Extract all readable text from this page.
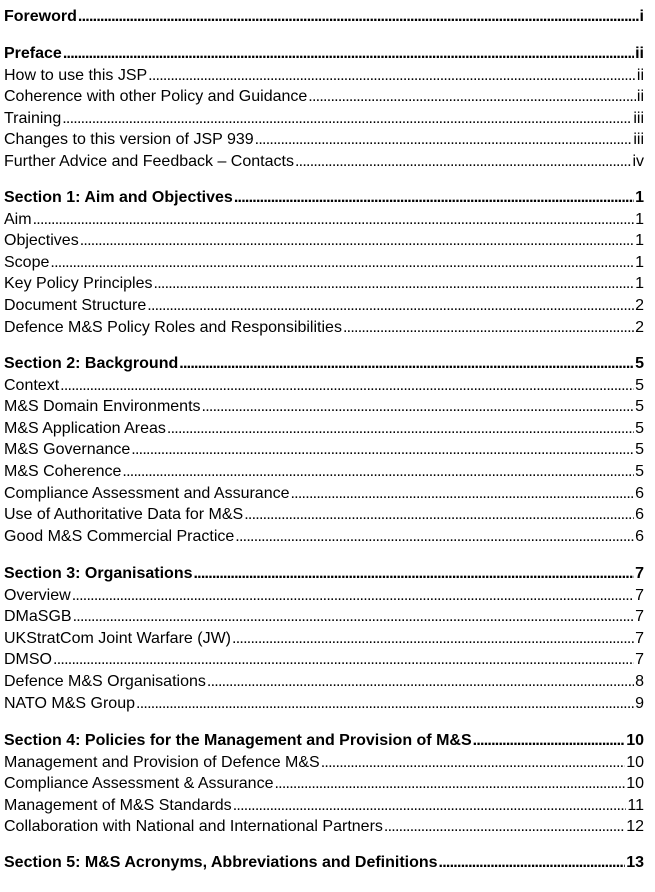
Foreword . . .	i
Preface . . .	ii
How to use this JSP . . .	ii
Coherence with other Policy and Guidance . . .	ii
Training . . .	iii
Changes to this version of JSP 939 . . .	iii
Further Advice and Feedback – Contacts . . .	iv
Section 1: Aim and Objectives . . .	1
Aim . . .	1
Objectives . . .	1
Scope . . .	1
Key Policy Principles . . .	1
Document Structure . . .	2
Defence M&S Policy Roles and Responsibilities . . .	2
Section 2: Background . . .	5
Context . . .	5
M&S Domain Environments . . .	5
M&S Application Areas . . .	5
M&S Governance . . .	5
M&S Coherence . . .	5
Compliance Assessment and Assurance . . .	6
Use of Authoritative Data for M&S . . .	6
Good M&S Commercial Practice . . .	6
Section 3: Organisations . . .	7
Overview . . .	7
DMaSGB . . .	7
UKStratCom Joint Warfare (JW) . . .	7
DMSO . . .	7
Defence M&S Organisations . . .	8
NATO M&S Group . . .	9
Section 4: Policies for the Management and Provision of M&S . . .	10
Management and Provision of Defence M&S . . .	10
Compliance Assessment & Assurance . . .	10
Management of M&S Standards . . .	11
Collaboration with National and International Partners . . .	12
Section 5: M&S Acronyms, Abbreviations and Definitions . . .	13
